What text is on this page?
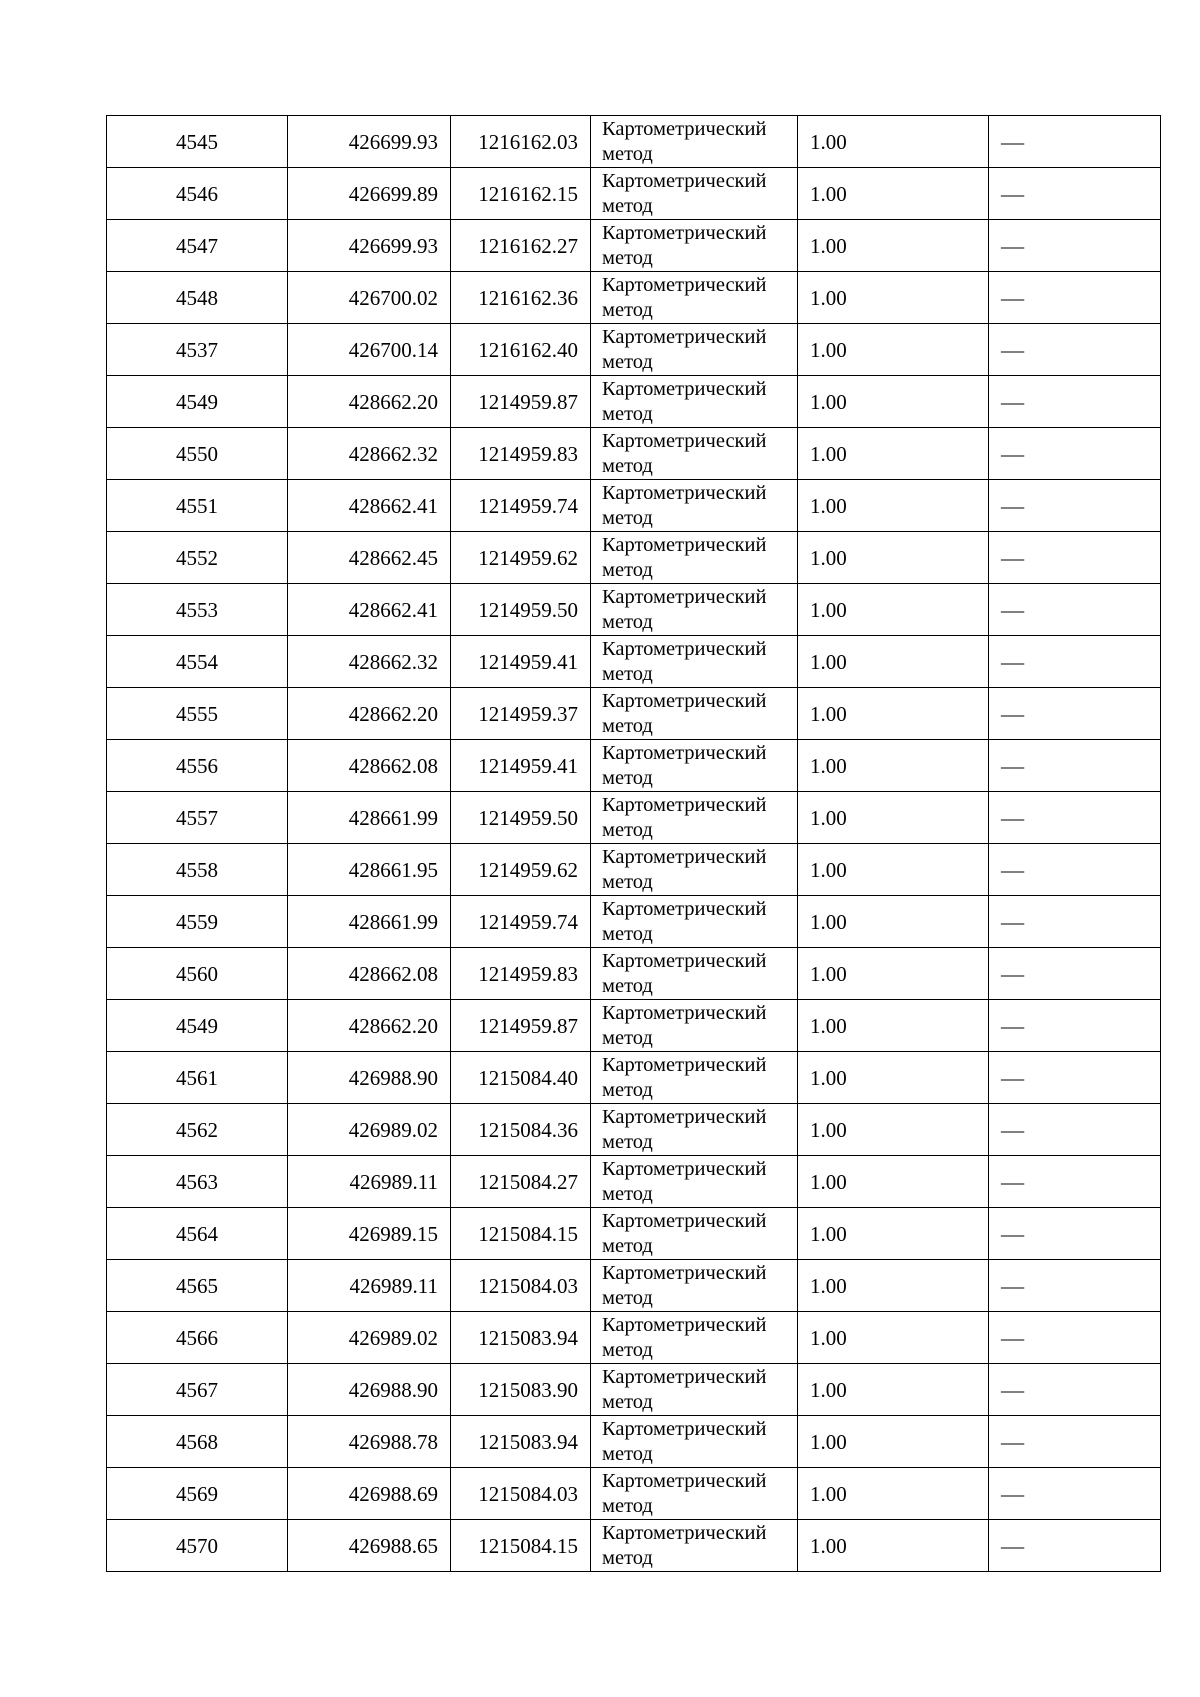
4545	426699.93	1216162.03	Картометрический метод	1.00	—
4546	426699.89	1216162.15	Картометрический метод	1.00	—
4547	426699.93	1216162.27	Картометрический метод	1.00	—
4548	426700.02	1216162.36	Картометрический метод	1.00	—
4537	426700.14	1216162.40	Картометрический метод	1.00	—
4549	428662.20	1214959.87	Картометрический метод	1.00	—
4550	428662.32	1214959.83	Картометрический метод	1.00	—
4551	428662.41	1214959.74	Картометрический метод	1.00	—
4552	428662.45	1214959.62	Картометрический метод	1.00	—
4553	428662.41	1214959.50	Картометрический метод	1.00	—
4554	428662.32	1214959.41	Картометрический метод	1.00	—
4555	428662.20	1214959.37	Картометрический метод	1.00	—
4556	428662.08	1214959.41	Картометрический метод	1.00	—
4557	428661.99	1214959.50	Картометрический метод	1.00	—
4558	428661.95	1214959.62	Картометрический метод	1.00	—
4559	428661.99	1214959.74	Картометрический метод	1.00	—
4560	428662.08	1214959.83	Картометрический метод	1.00	—
4549	428662.20	1214959.87	Картометрический метод	1.00	—
4561	426988.90	1215084.40	Картометрический метод	1.00	—
4562	426989.02	1215084.36	Картометрический метод	1.00	—
4563	426989.11	1215084.27	Картометрический метод	1.00	—
4564	426989.15	1215084.15	Картометрический метод	1.00	—
4565	426989.11	1215084.03	Картометрический метод	1.00	—
4566	426989.02	1215083.94	Картометрический метод	1.00	—
4567	426988.90	1215083.90	Картометрический метод	1.00	—
4568	426988.78	1215083.94	Картометрический метод	1.00	—
4569	426988.69	1215084.03	Картометрический метод	1.00	—
4570	426988.65	1215084.15	Картометрический метод	1.00	—
